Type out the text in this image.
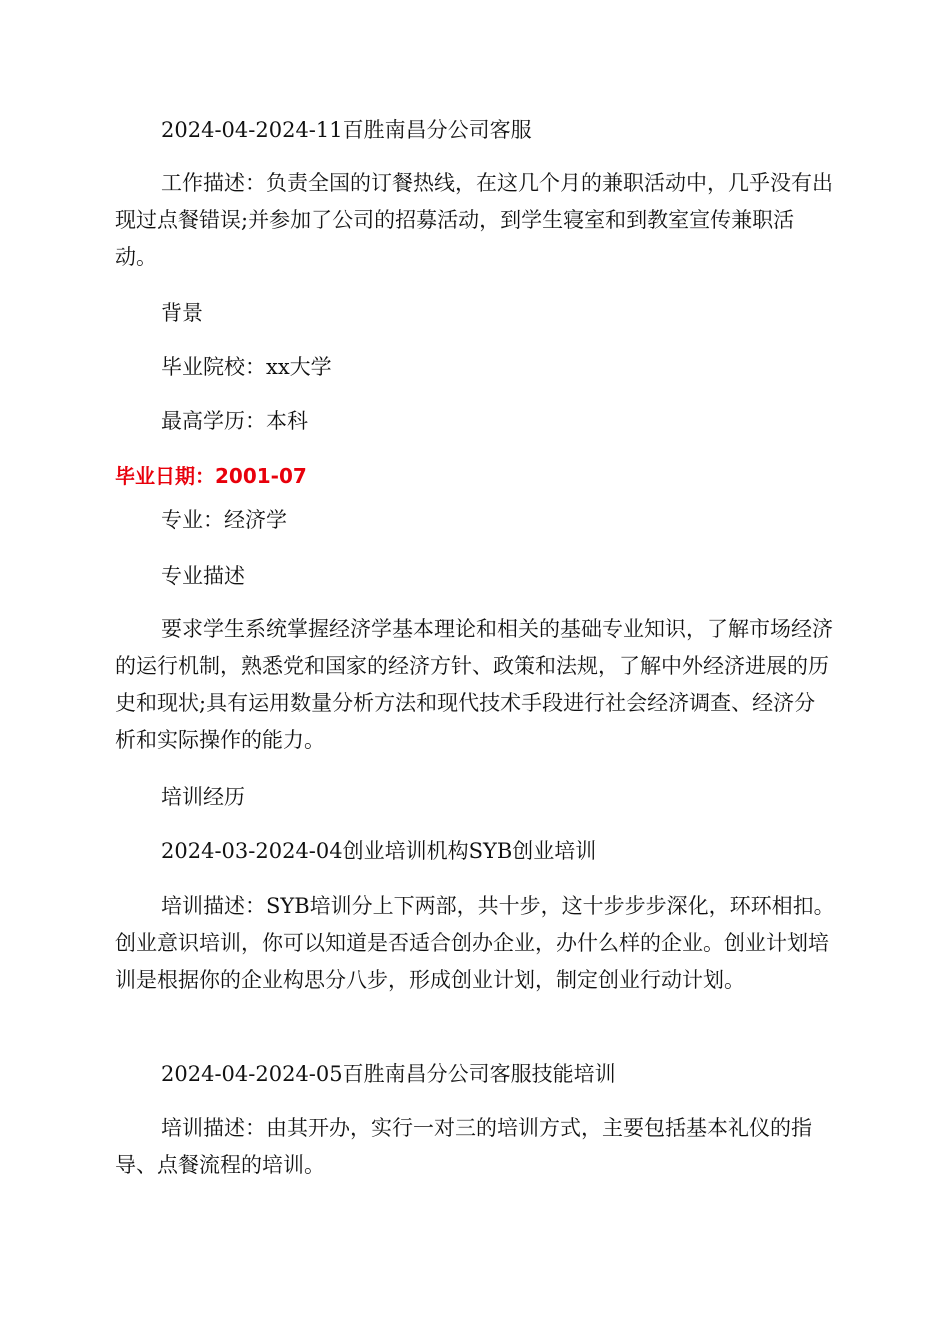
2024-04-2024-11百胜南昌分公司客服

工作描述：负责全国的订餐热线，在这几个月的兼职活动中，几乎没有出现过点餐错误;并参加了公司的招募活动，到学生寝室和到教室宣传兼职活动。

背景

毕业院校：xx大学

最高学历：本科

毕业日期：2001-07

专业：经济学

专业描述

要求学生系统掌握经济学基本理论和相关的基础专业知识，了解市场经济的运行机制，熟悉党和国家的经济方针、政策和法规，了解中外经济进展的历史和现状;具有运用数量分析方法和现代技术手段进行社会经济调查、经济分析和实际操作的能力。

培训经历

2024-03-2024-04创业培训机构SYB创业培训

培训描述：SYB培训分上下两部，共十步，这十步步步深化，环环相扣。创业意识培训，你可以知道是否适合创办企业，办什么样的企业。创业计划培训是根据你的企业构思分八步，形成创业计划，制定创业行动计划。

2024-04-2024-05百胜南昌分公司客服技能培训

培训描述：由其开办，实行一对三的培训方式，主要包括基本礼仪的指导、点餐流程的培训。
